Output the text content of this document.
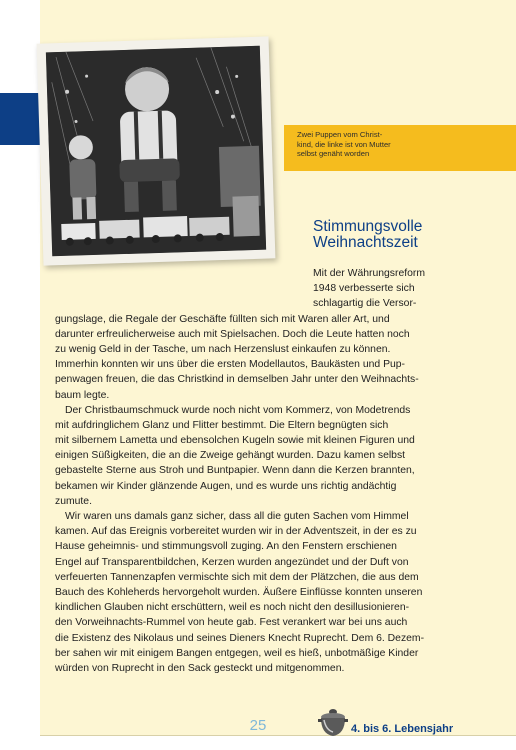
Zwei Puppen vom Christ-
kind, die linke ist von Mutter
selbst genäht worden
Stimmungsvolle
Weihnachtszeit
Mit der Währungsreform
1948 verbesserte sich
schlagartig die Versor-
gungslage, die Regale der Geschäfte füllten sich mit Waren aller Art, und
darunter erfreulicherweise auch mit Spielsachen. Doch die Leute hatten noch
zu wenig Geld in der Tasche, um nach Herzenslust einkaufen zu können.
Immerhin konnten wir uns über die ersten Modellautos, Baukästen und Pup-
penwagen freuen, die das Christkind in demselben Jahr unter den Weihnachts-
baum legte.
Der Christbaumschmuck wurde noch nicht vom Kommerz, von Modetrends
mit aufdringlichem Glanz und Flitter bestimmt. Die Eltern begnügten sich
mit silbernem Lametta und ebensolchen Kugeln sowie mit kleinen Figuren und
einigen Süßigkeiten, die an die Zweige gehängt wurden. Dazu kamen selbst
gebastelte Sterne aus Stroh und Buntpapier. Wenn dann die Kerzen brannten,
bekamen wir Kinder glänzende Augen, und es wurde uns richtig andächtig
zumute.
Wir waren uns damals ganz sicher, dass all die guten Sachen vom Himmel
kamen. Auf das Ereignis vorbereitet wurden wir in der Adventszeit, in der es zu
Hause geheimnis- und stimmungsvoll zuging. An den Fenstern erschienen
Engel auf Transparentbildchen, Kerzen wurden angezündet und der Duft von
verfeuerten Tannenzapfen vermischte sich mit dem der Plätzchen, die aus dem
Bauch des Kohleherds hervorgeholt wurden. Äußere Einflüsse konnten unseren
kindlichen Glauben nicht erschüttern, weil es noch nicht den desillusionieren-
den Vorweihnachts-Rummel von heute gab. Fest verankert war bei uns auch
die Existenz des Nikolaus und seines Dieners Knecht Ruprecht. Dem 6. Dezem-
ber sahen wir mit einigem Bangen entgegen, weil es hieß, unbotmäßige Kinder
würden von Ruprecht in den Sack gesteckt und mitgenommen.
25	4. bis 6. Lebensjahr
